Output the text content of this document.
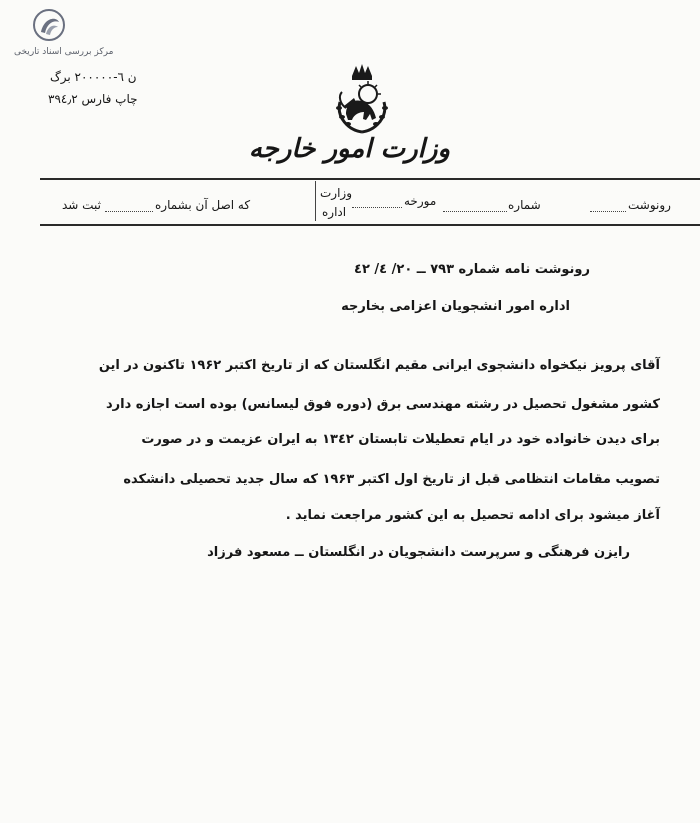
مرکز بررسی اسناد تاریخی
ن ٦-٢٠٠٠٠٠ برگ
چاپ فارس ۳۹٤٫۲
وزارت امور خارجه
رونوشت
شماره
مورخه
وزارت
اداره
که اصل آن بشماره
ثبت شد
رونوشت نامه شماره ۷۹۳ ــ ۲۰/ ٤/ ٤۲
اداره امور انشجویان اعزامی بخارجه
آقای پرویز نیکخواه دانشجوی ایرانی مقیم انگلستان که از تاریخ اکتبر ۱۹۶۲ تاکنون در این
کشور مشغول تحصیل در رشته مهندسی برق (دوره فوق لیسانس) بوده است اجازه دارد
برای دیدن خانواده خود در ایام تعطیلات تابستان ۱۳٤۲ به ایران عزیمت و در صورت
تصویب مقامات انتظامی قبل از تاریخ اول اکتبر ۱۹۶۳ که سال جدید تحصیلی دانشکده
آغاز میشود برای ادامه تحصیل به این کشور مراجعت نماید .
رایزن فرهنگی و سرپرست دانشجویان در انگلستان ــ مسعود فرزاد
